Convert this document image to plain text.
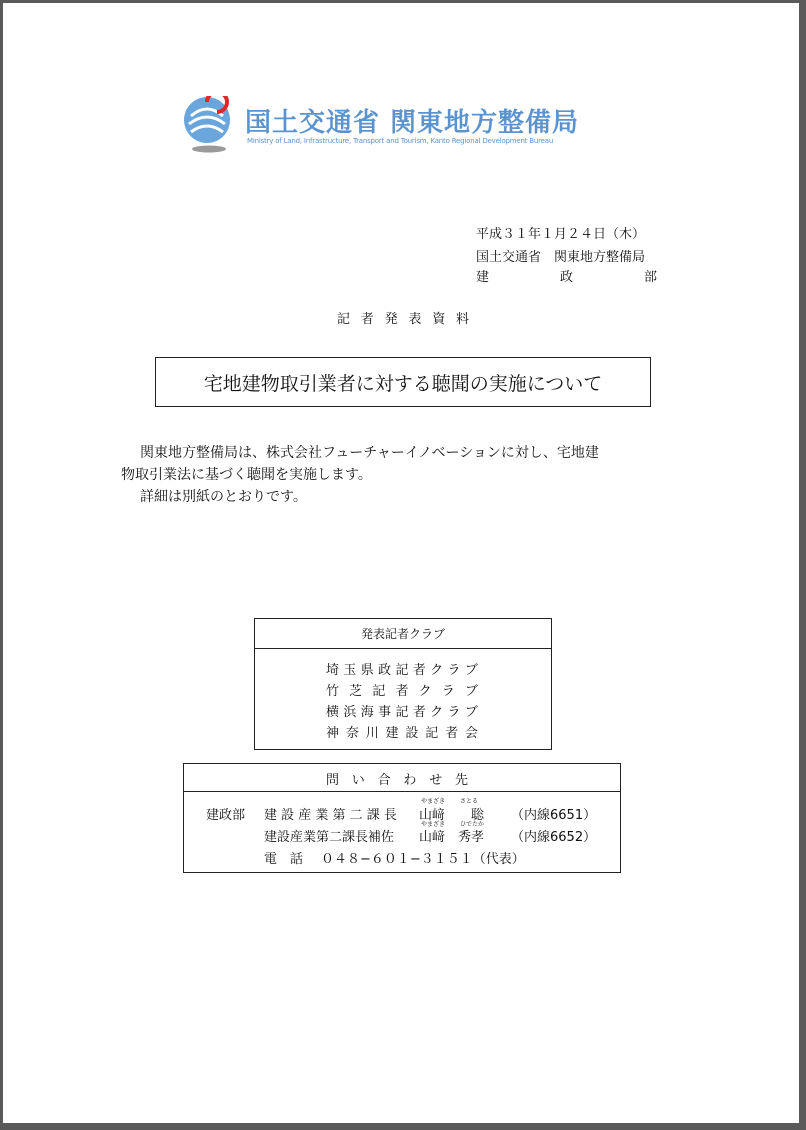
国土交通省 関東地方整備局
Ministry of Land, Infrastructure, Transport and Tourism, Kanto Regional Development Bureau
平成３１年１月２４日（木）
国土交通省　関東地方整備局
建	政	部
記 者 発 表 資 料
宅地建物取引業者に対する聴聞の実施について
関東地方整備局は、株式会社フューチャーイノベーションに対し、宅地建
物取引業法に基づく聴聞を実施します。
詳細は別紙のとおりです。
発表記者クラブ
埼 玉 県 政 記 者 ク ラ ブ
竹 芝 記 者 ク ラ ブ
横 浜 海 事 記 者 ク ラ ブ
神 奈 川 建 設 記 者 会
問 い 合 わ せ 先
建政部
やまざき さとる
建 設 産 業 第 二 課 長 山﨑　　聡 （内線6651）
やまざき ひでたか
建設産業第二課長補佐 山﨑　秀孝 （内線6652）
電　話 ０４８−６０１−３１５１（代表）
